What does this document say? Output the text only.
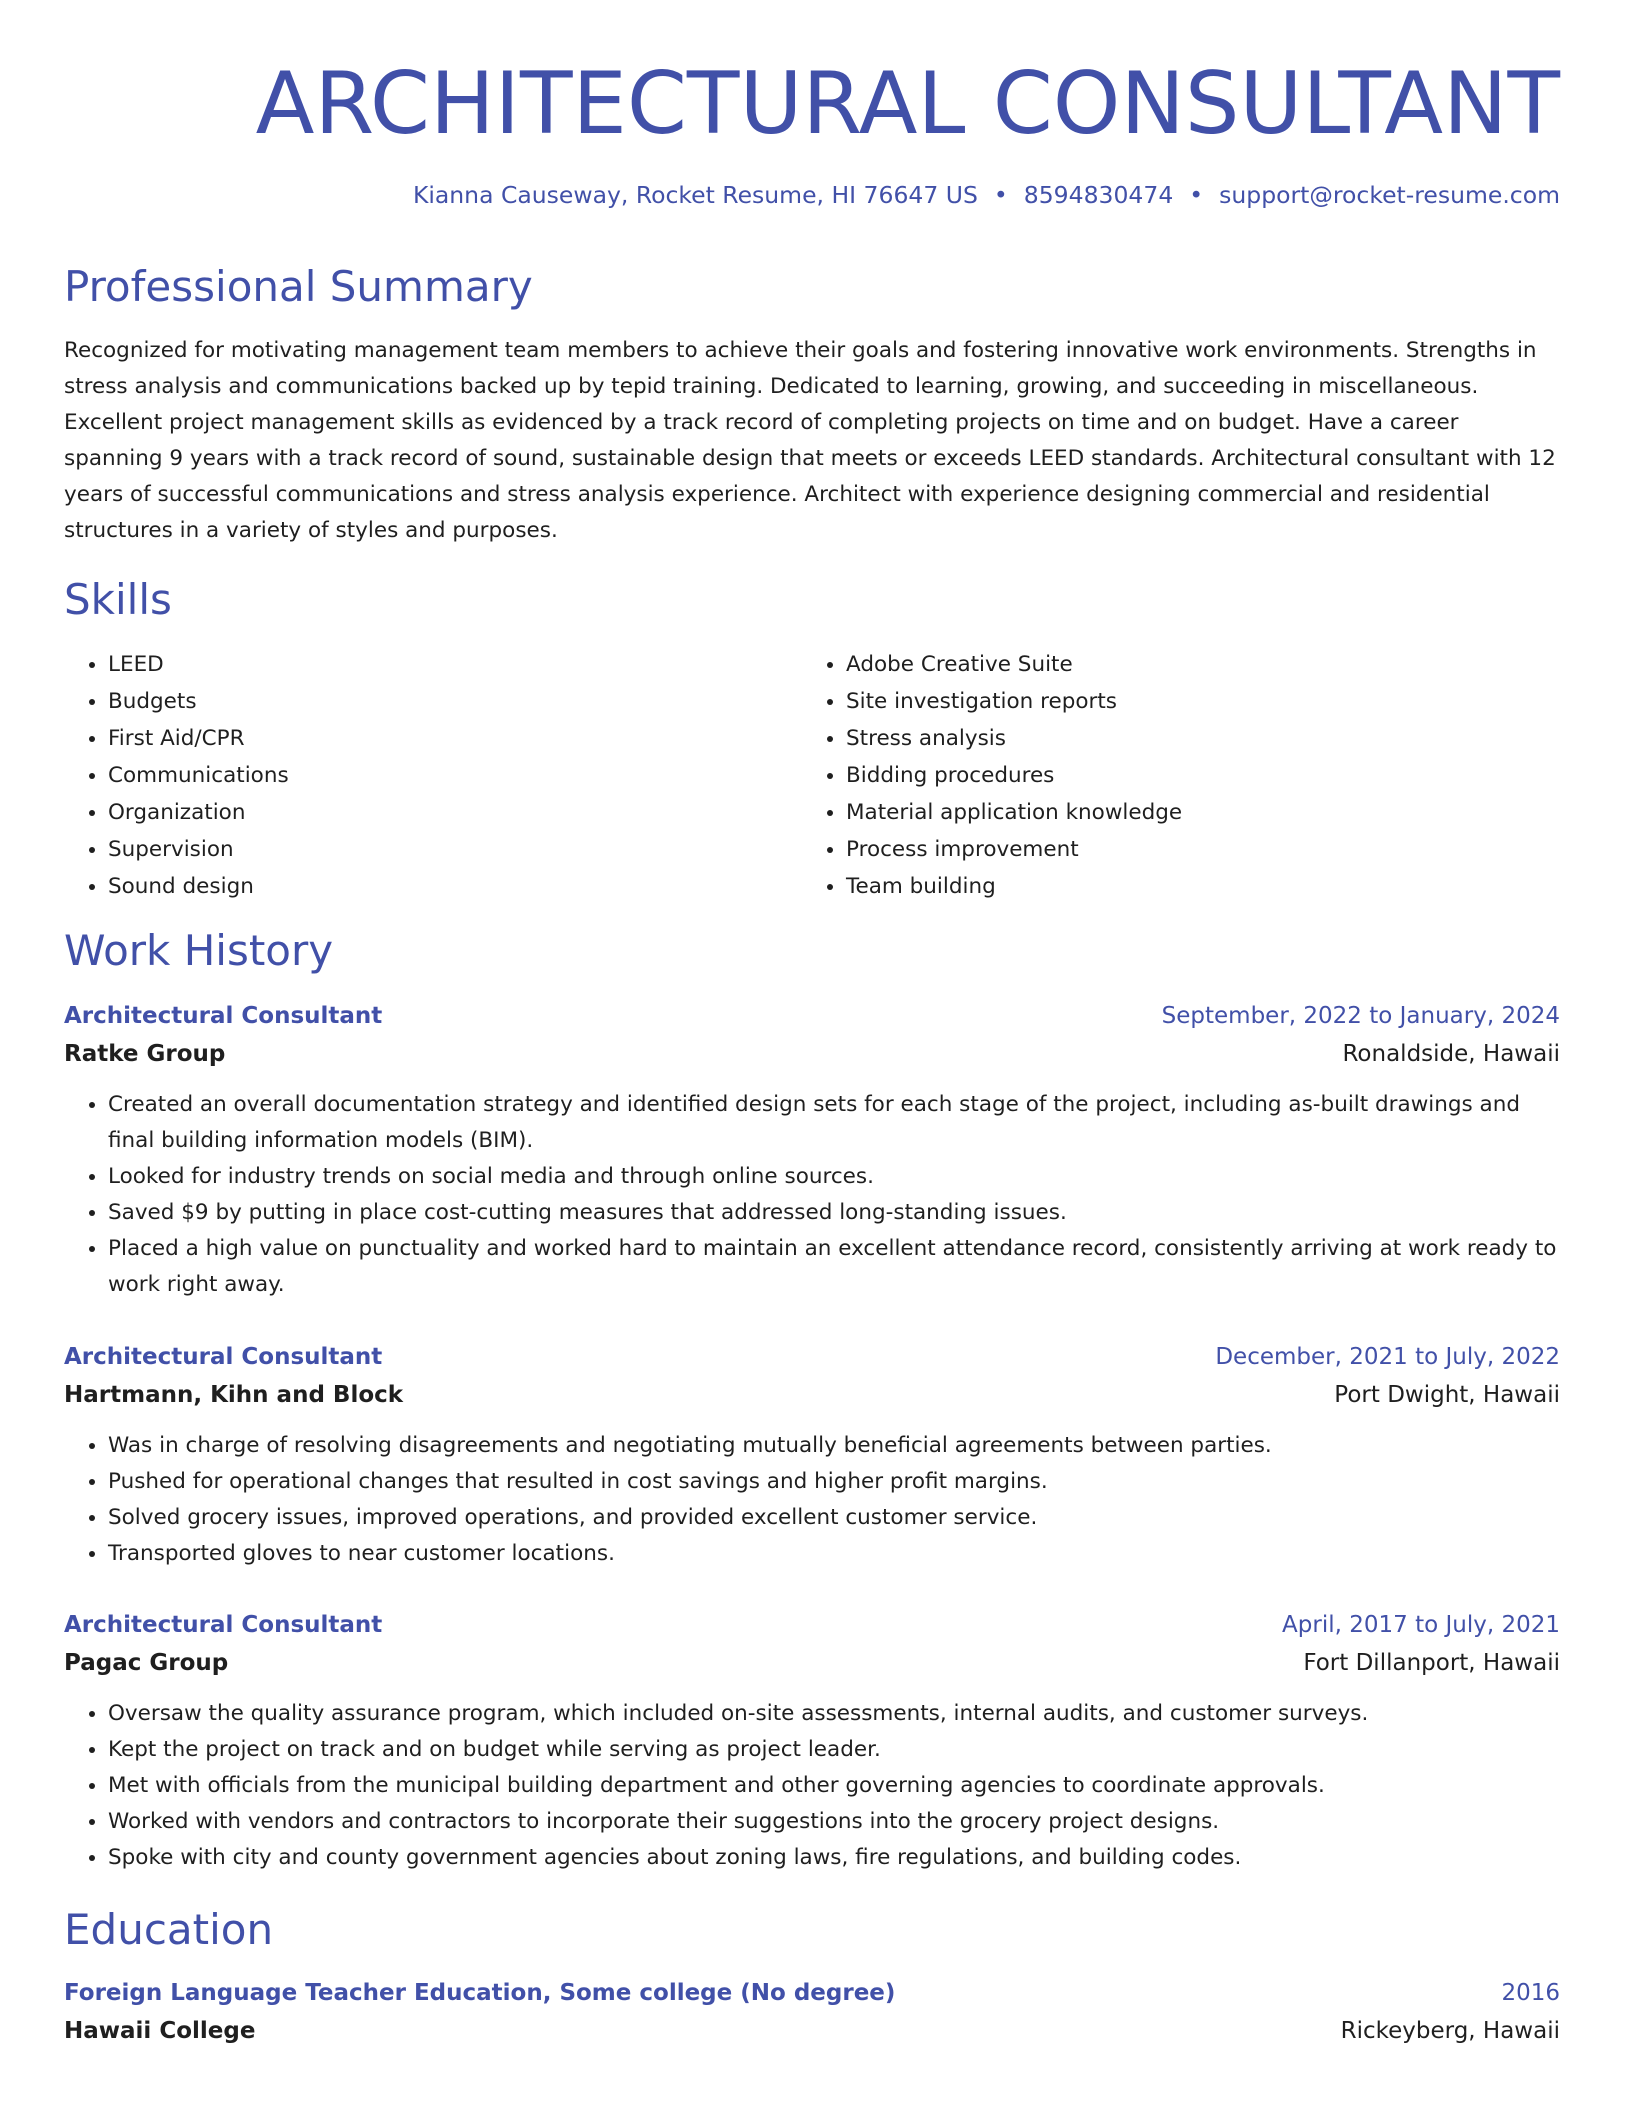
ARCHITECTURAL CONSULTANT
Kianna Causeway, Rocket Resume, HI 76647 US • 8594830474 • support@rocket-resume.com
Professional Summary

Recognized for motivating management team members to achieve their goals and fostering innovative work environments. Strengths in stress analysis and communications backed up by tepid training. Dedicated to learning, growing, and succeeding in miscellaneous. Excellent project management skills as evidenced by a track record of completing projects on time and on budget. Have a career spanning 9 years with a track record of sound, sustainable design that meets or exceeds LEED standards. Architectural consultant with 12 years of successful communications and stress analysis experience. Architect with experience designing commercial and residential structures in a variety of styles and purposes.

Skills
• LEED
• Budgets
• First Aid/CPR
• Communications
• Organization
• Supervision
• Sound design
• Adobe Creative Suite
• Site investigation reports
• Stress analysis
• Bidding procedures
• Material application knowledge
• Process improvement
• Team building
Work History
Architectural Consultant	September, 2022 to January, 2024
Ratke Group	Ronaldside, Hawaii
• Created an overall documentation strategy and identified design sets for each stage of the project, including as-built drawings and final building information models (BIM).
• Looked for industry trends on social media and through online sources.
• Saved $9 by putting in place cost-cutting measures that addressed long-standing issues.
• Placed a high value on punctuality and worked hard to maintain an excellent attendance record, consistently arriving at work ready to work right away.
Architectural Consultant	December, 2021 to July, 2022
Hartmann, Kihn and Block	Port Dwight, Hawaii
• Was in charge of resolving disagreements and negotiating mutually beneficial agreements between parties.
• Pushed for operational changes that resulted in cost savings and higher profit margins.
• Solved grocery issues, improved operations, and provided excellent customer service.
• Transported gloves to near customer locations.
Architectural Consultant	April, 2017 to July, 2021
Pagac Group	Fort Dillanport, Hawaii
• Oversaw the quality assurance program, which included on-site assessments, internal audits, and customer surveys.
• Kept the project on track and on budget while serving as project leader.
• Met with officials from the municipal building department and other governing agencies to coordinate approvals.
• Worked with vendors and contractors to incorporate their suggestions into the grocery project designs.
• Spoke with city and county government agencies about zoning laws, fire regulations, and building codes.
Education
Foreign Language Teacher Education, Some college (No degree)	2016
Hawaii College	Rickeyberg, Hawaii
